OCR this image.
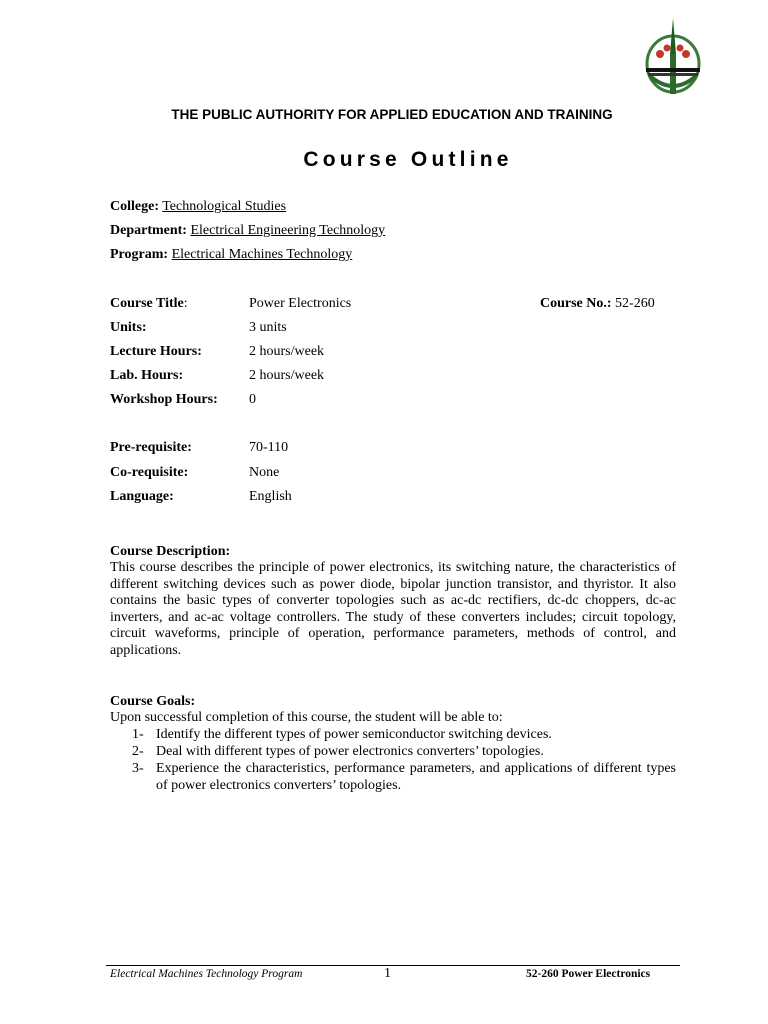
THE PUBLIC AUTHORITY FOR APPLIED EDUCATION AND TRAINING
Course Outline
College: Technological Studies
Department: Electrical Engineering Technology
Program: Electrical Machines Technology
Course Title:	Power Electronics	Course No.: 52-260
Units:	3 units
Lecture Hours:	2 hours/week
Lab. Hours:	2 hours/week
Workshop Hours: 0
Pre-requisite:	70-110
Co-requisite:	None
Language:	English
Course Description:
This course describes the principle of power electronics, its switching nature, the characteristics of different switching devices such as power diode, bipolar junction transistor, and thyristor. It also contains the basic types of converter topologies such as ac-dc rectifiers, dc-dc choppers, dc-ac inverters, and ac-ac voltage controllers. The study of these converters includes; circuit topology, circuit waveforms, principle of operation, performance parameters, methods of control, and applications.
Course Goals:
Upon successful completion of this course, the student will be able to:
1- Identify the different types of power semiconductor switching devices.
2- Deal with different types of power electronics converters’ topologies.
3- Experience the characteristics, performance parameters, and applications of different types of power electronics converters’ topologies.
Electrical Machines Technology Program	1	52-260 Power Electronics
